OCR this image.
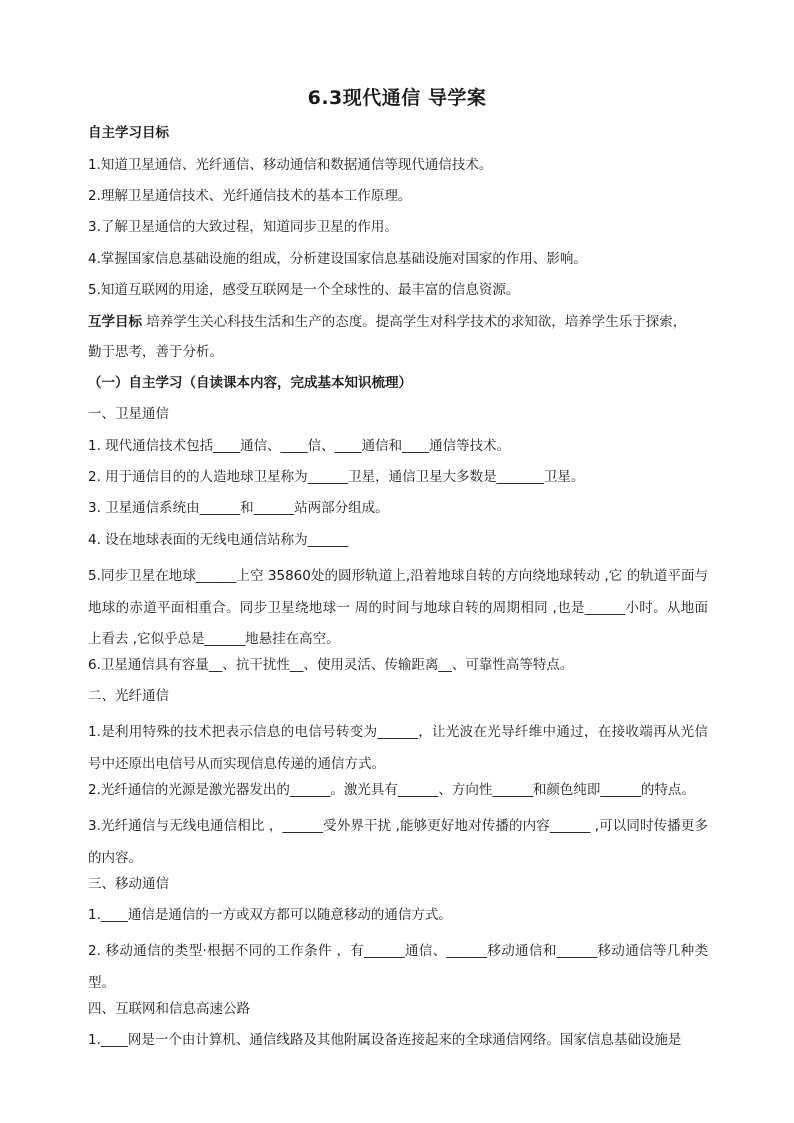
6.3现代通信 导学案
自主学习目标
1.知道卫星通信、光纤通信、移动通信和数据通信等现代通信技术。
2.理解卫星通信技术、光纤通信技术的基本工作原理。
3.了解卫星通信的大致过程，知道同步卫星的作用。
4.掌握国家信息基础设施的组成，分析建设国家信息基础设施对国家的作用、影响。
5.知道互联网的用途，感受互联网是一个全球性的、最丰富的信息资源。
互学目标 培养学生关心科技生活和生产的态度。提高学生对科学技术的求知欲，培养学生乐于探索，
勤于思考，善于分析。
（一）自主学习（自读课本内容，完成基本知识梳理）
一、卫星通信
1. 现代通信技术包括____通信、____信、____通信和____通信等技术。
2. 用于通信目的的人造地球卫星称为______卫星，通信卫星大多数是_______卫星。
3. 卫星通信系统由______和______站两部分组成。
4. 设在地球表面的无线电通信站称为______
5.同步卫星在地球______上空 35860处的圆形轨道上,沿着地球自转的方向绕地球转动 ,它 的轨道平面与地球的赤道平面相重合。同步卫星绕地球一 周的时间与地球自转的周期相同 ,也是______小时。从地面上看去 ,它似乎总是______地悬挂在高空。
6.卫星通信具有容量__、抗干扰性__、使用灵活、传输距离__、可靠性高等特点。
二、光纤通信
1.是利用特殊的技术把表示信息的电信号转变为______，让光波在光导纤维中通过，在接收端再从光信号中还原出电信号从而实现信息传递的通信方式。
2.光纤通信的光源是激光器发出的______。激光具有______、方向性______和颜色纯即______的特点。
3.光纤通信与无线电通信相比 ，______受外界干扰 ,能够更好地对传播的内容______ ,可以同时传播更多的内容。
三、移动通信
1.____通信是通信的一方或双方都可以随意移动的通信方式。
2. 移动通信的类型·根据不同的工作条件 ，有______通信、______移动通信和______移动通信等几种类型。
四、互联网和信息高速公路
1.____网是一个由计算机、通信线路及其他附属设备连接起来的全球通信网络。国家信息基础设施是
